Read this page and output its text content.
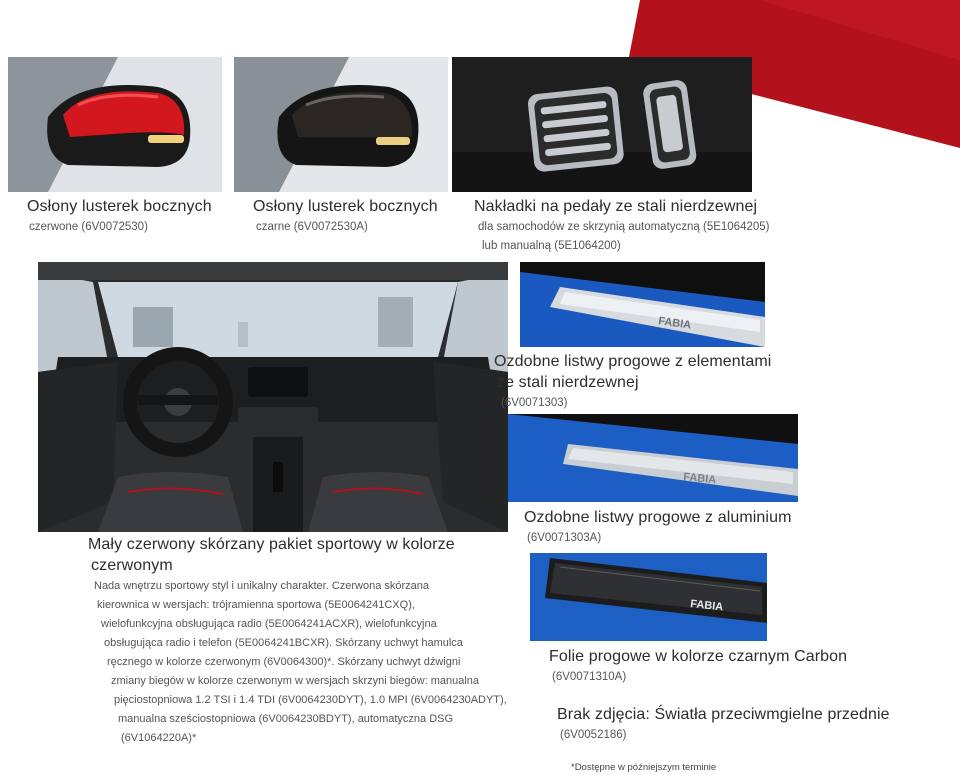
Osłony lusterek bocznych
czerwone (6V0072530)
Osłony lusterek bocznych
czarne (6V0072530A)
Nakładki na pedały ze stali nierdzewnej
dla samochodów ze skrzynią automatyczną (5E1064205)
lub manualną (5E1064200)
FABIA
Ozdobne listwy progowe z elementami
ze stali nierdzewnej
(6V0071303)
FABIA
Ozdobne listwy progowe z aluminium
(6V0071303A)
FABIA
Mały czerwony skórzany pakiet sportowy w kolorze
czerwonym
Nada wnętrzu sportowy styl i unikalny charakter. Czerwona skórzana
kierownica w wersjach: trójramienna sportowa (5E0064241CXQ),
wielofunkcyjna obsługująca radio (5E0064241ACXR), wielofunkcyjna
obsługująca radio i telefon (5E0064241BCXR). Skórzany uchwyt hamulca
ręcznego w kolorze czerwonym (6V0064300)*. Skórzany uchwyt dźwigni
zmiany biegów w kolorze czerwonym w wersjach skrzyni biegów: manualna
pięciostopniowa 1.2 TSI i 1.4 TDI (6V0064230DYT), 1.0 MPI (6V0064230ADYT),
manualna sześciostopniowa (6V0064230BDYT), automatyczna DSG
(6V1064220A)*
Folie progowe w kolorze czarnym Carbon
(6V0071310A)
Brak zdjęcia: Światła przeciwmgielne przednie
(6V0052186)
*Dostępne w późniejszym terminie
